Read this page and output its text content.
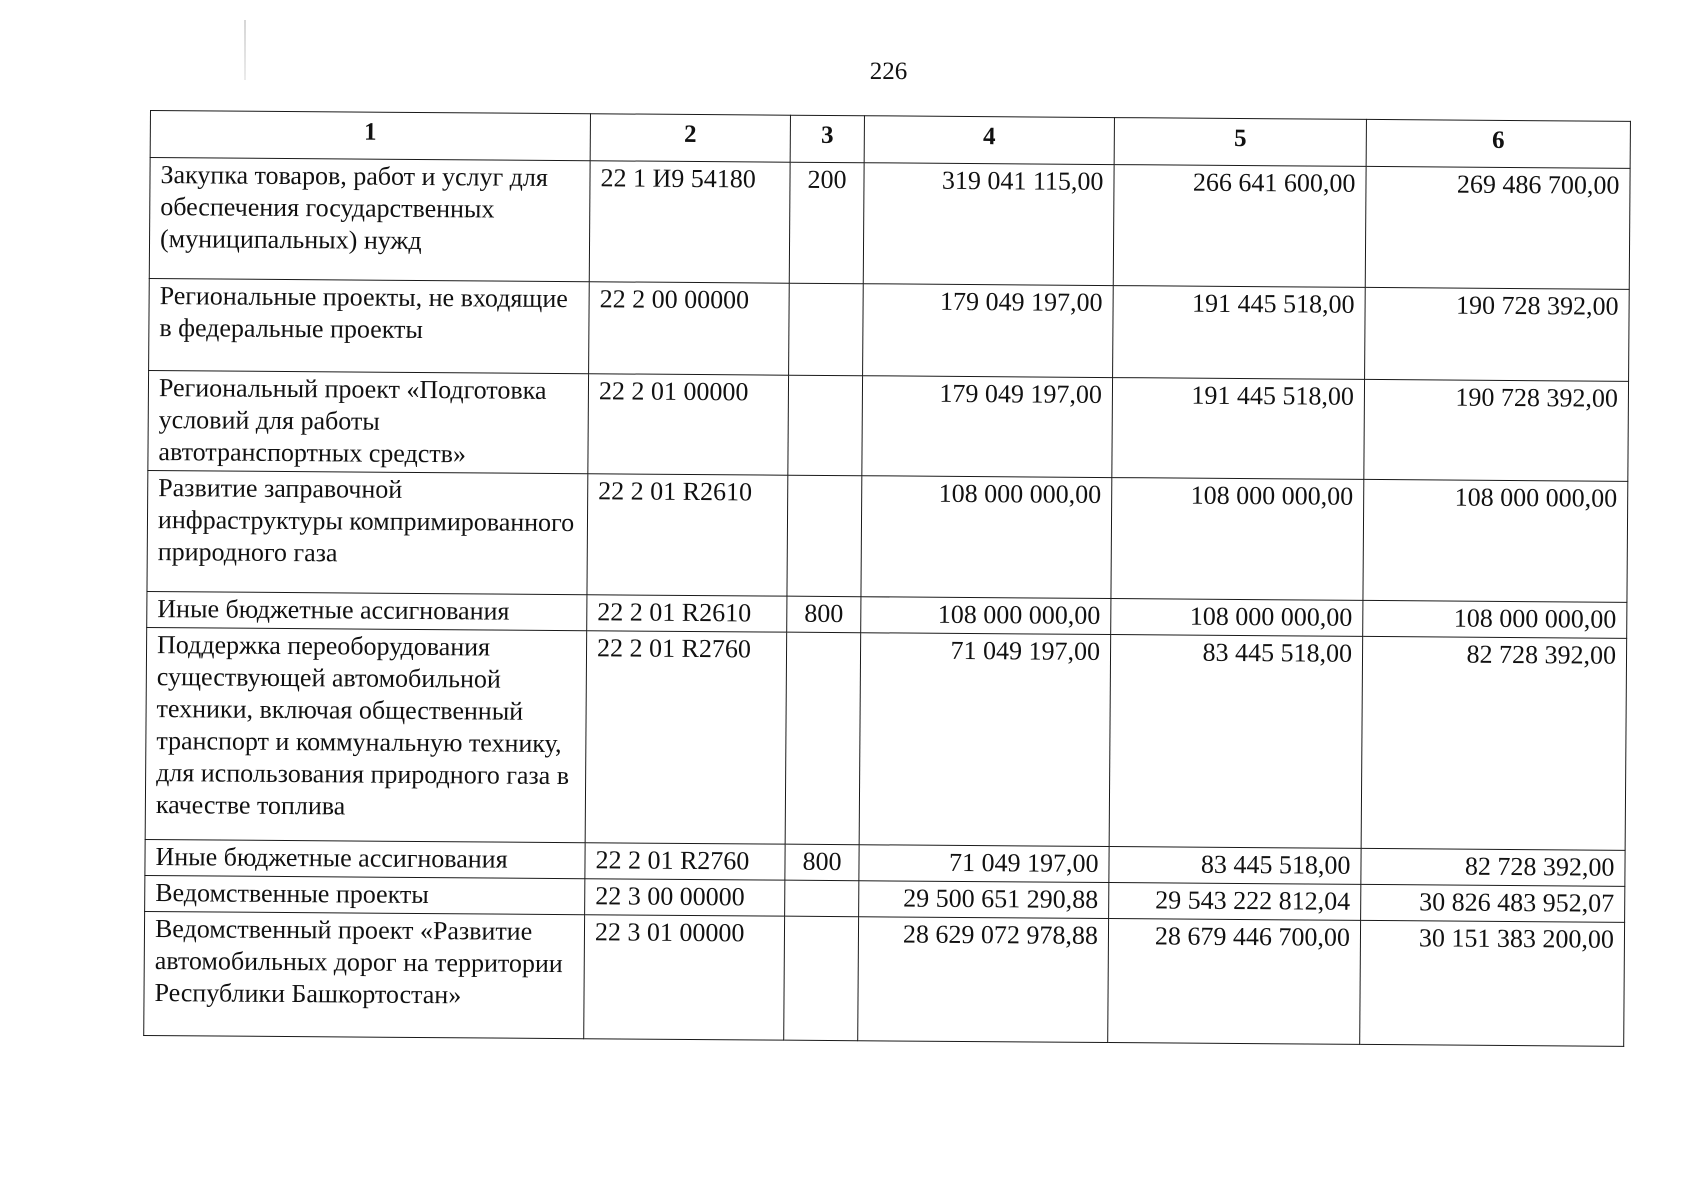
226
1	2	3	4	5	6
Закупка товаров, работ и услуг для обеспечения государственных (муниципальных) нужд	22 1 И9 54180	200	319 041 115,00	266 641 600,00	269 486 700,00
Региональные проекты, не входящие в федеральные проекты	22 2 00 00000		179 049 197,00	191 445 518,00	190 728 392,00
Региональный проект «Подготовка условий для работы автотранспортных средств»	22 2 01 00000		179 049 197,00	191 445 518,00	190 728 392,00
Развитие заправочной инфраструктуры компримированного природного газа	22 2 01 R2610		108 000 000,00	108 000 000,00	108 000 000,00
Иные бюджетные ассигнования	22 2 01 R2610	800	108 000 000,00	108 000 000,00	108 000 000,00
Поддержка переоборудования существующей автомобильной техники, включая общественный транспорт и коммунальную технику, для использования природного газа в качестве топлива	22 2 01 R2760		71 049 197,00	83 445 518,00	82 728 392,00
Иные бюджетные ассигнования	22 2 01 R2760	800	71 049 197,00	83 445 518,00	82 728 392,00
Ведомственные проекты	22 3 00 00000		29 500 651 290,88	29 543 222 812,04	30 826 483 952,07
Ведомственный проект «Развитие автомобильных дорог на территории Республики Башкортостан»	22 3 01 00000		28 629 072 978,88	28 679 446 700,00	30 151 383 200,00
